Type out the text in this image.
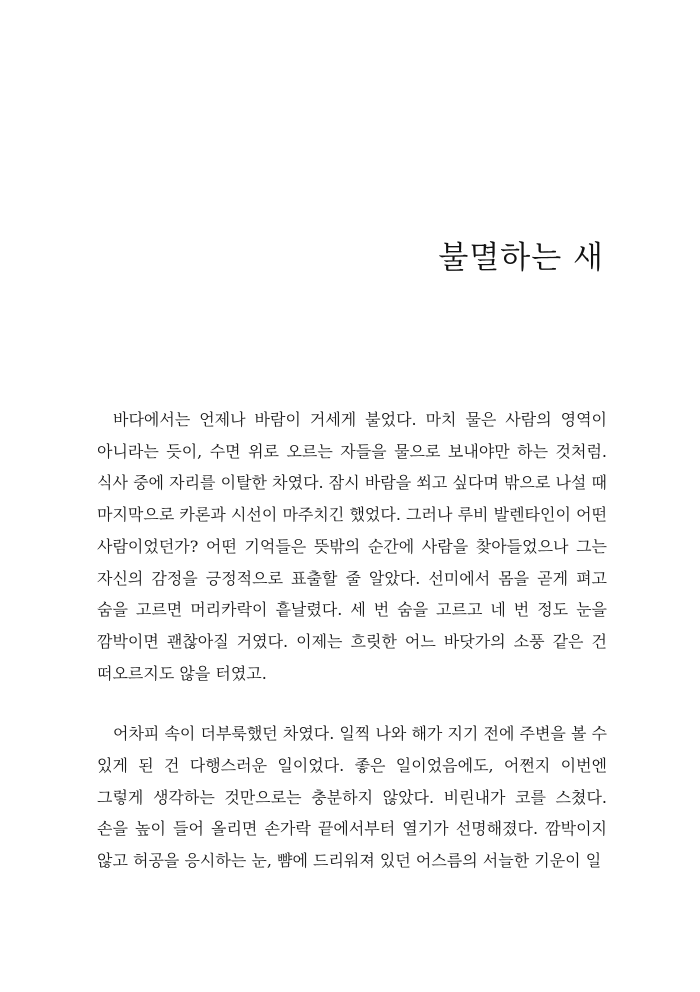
불멸하는 새

바다에서는 언제나 바람이 거세게 불었다. 마치 물은 사람의 영역이 아니라는 듯이, 수면 위로 오르는 자들을 물으로 보내야만 하는 것처럼. 식사 중에 자리를 이탈한 차였다. 잠시 바람을 쐬고 싶다며 밖으로 나설 때 마지막으로 카론과 시선이 마주치긴 했었다. 그러나 루비 발렌타인이 어떤 사람이었던가? 어떤 기억들은 뜻밖의 순간에 사람을 찾아들었으나 그는 자신의 감정을 긍정적으로 표출할 줄 알았다. 선미에서 몸을 곧게 펴고 숨을 고르면 머리카락이 흩날렸다. 세 번 숨을 고르고 네 번 정도 눈을 깜박이면 괜찮아질 거였다. 이제는 흐릿한 어느 바닷가의 소풍 같은 건 떠오르지도 않을 터였고.

어차피 속이 더부룩했던 차였다. 일찍 나와 해가 지기 전에 주변을 볼 수 있게 된 건 다행스러운 일이었다. 좋은 일이었음에도, 어쩐지 이번엔 그렇게 생각하는 것만으로는 충분하지 않았다. 비린내가 코를 스쳤다. 손을 높이 들어 올리면 손가락 끝에서부터 열기가 선명해졌다. 깜박이지 않고 허공을 응시하는 눈, 뺨에 드리워져 있던 어스름의 서늘한 기운이 일
